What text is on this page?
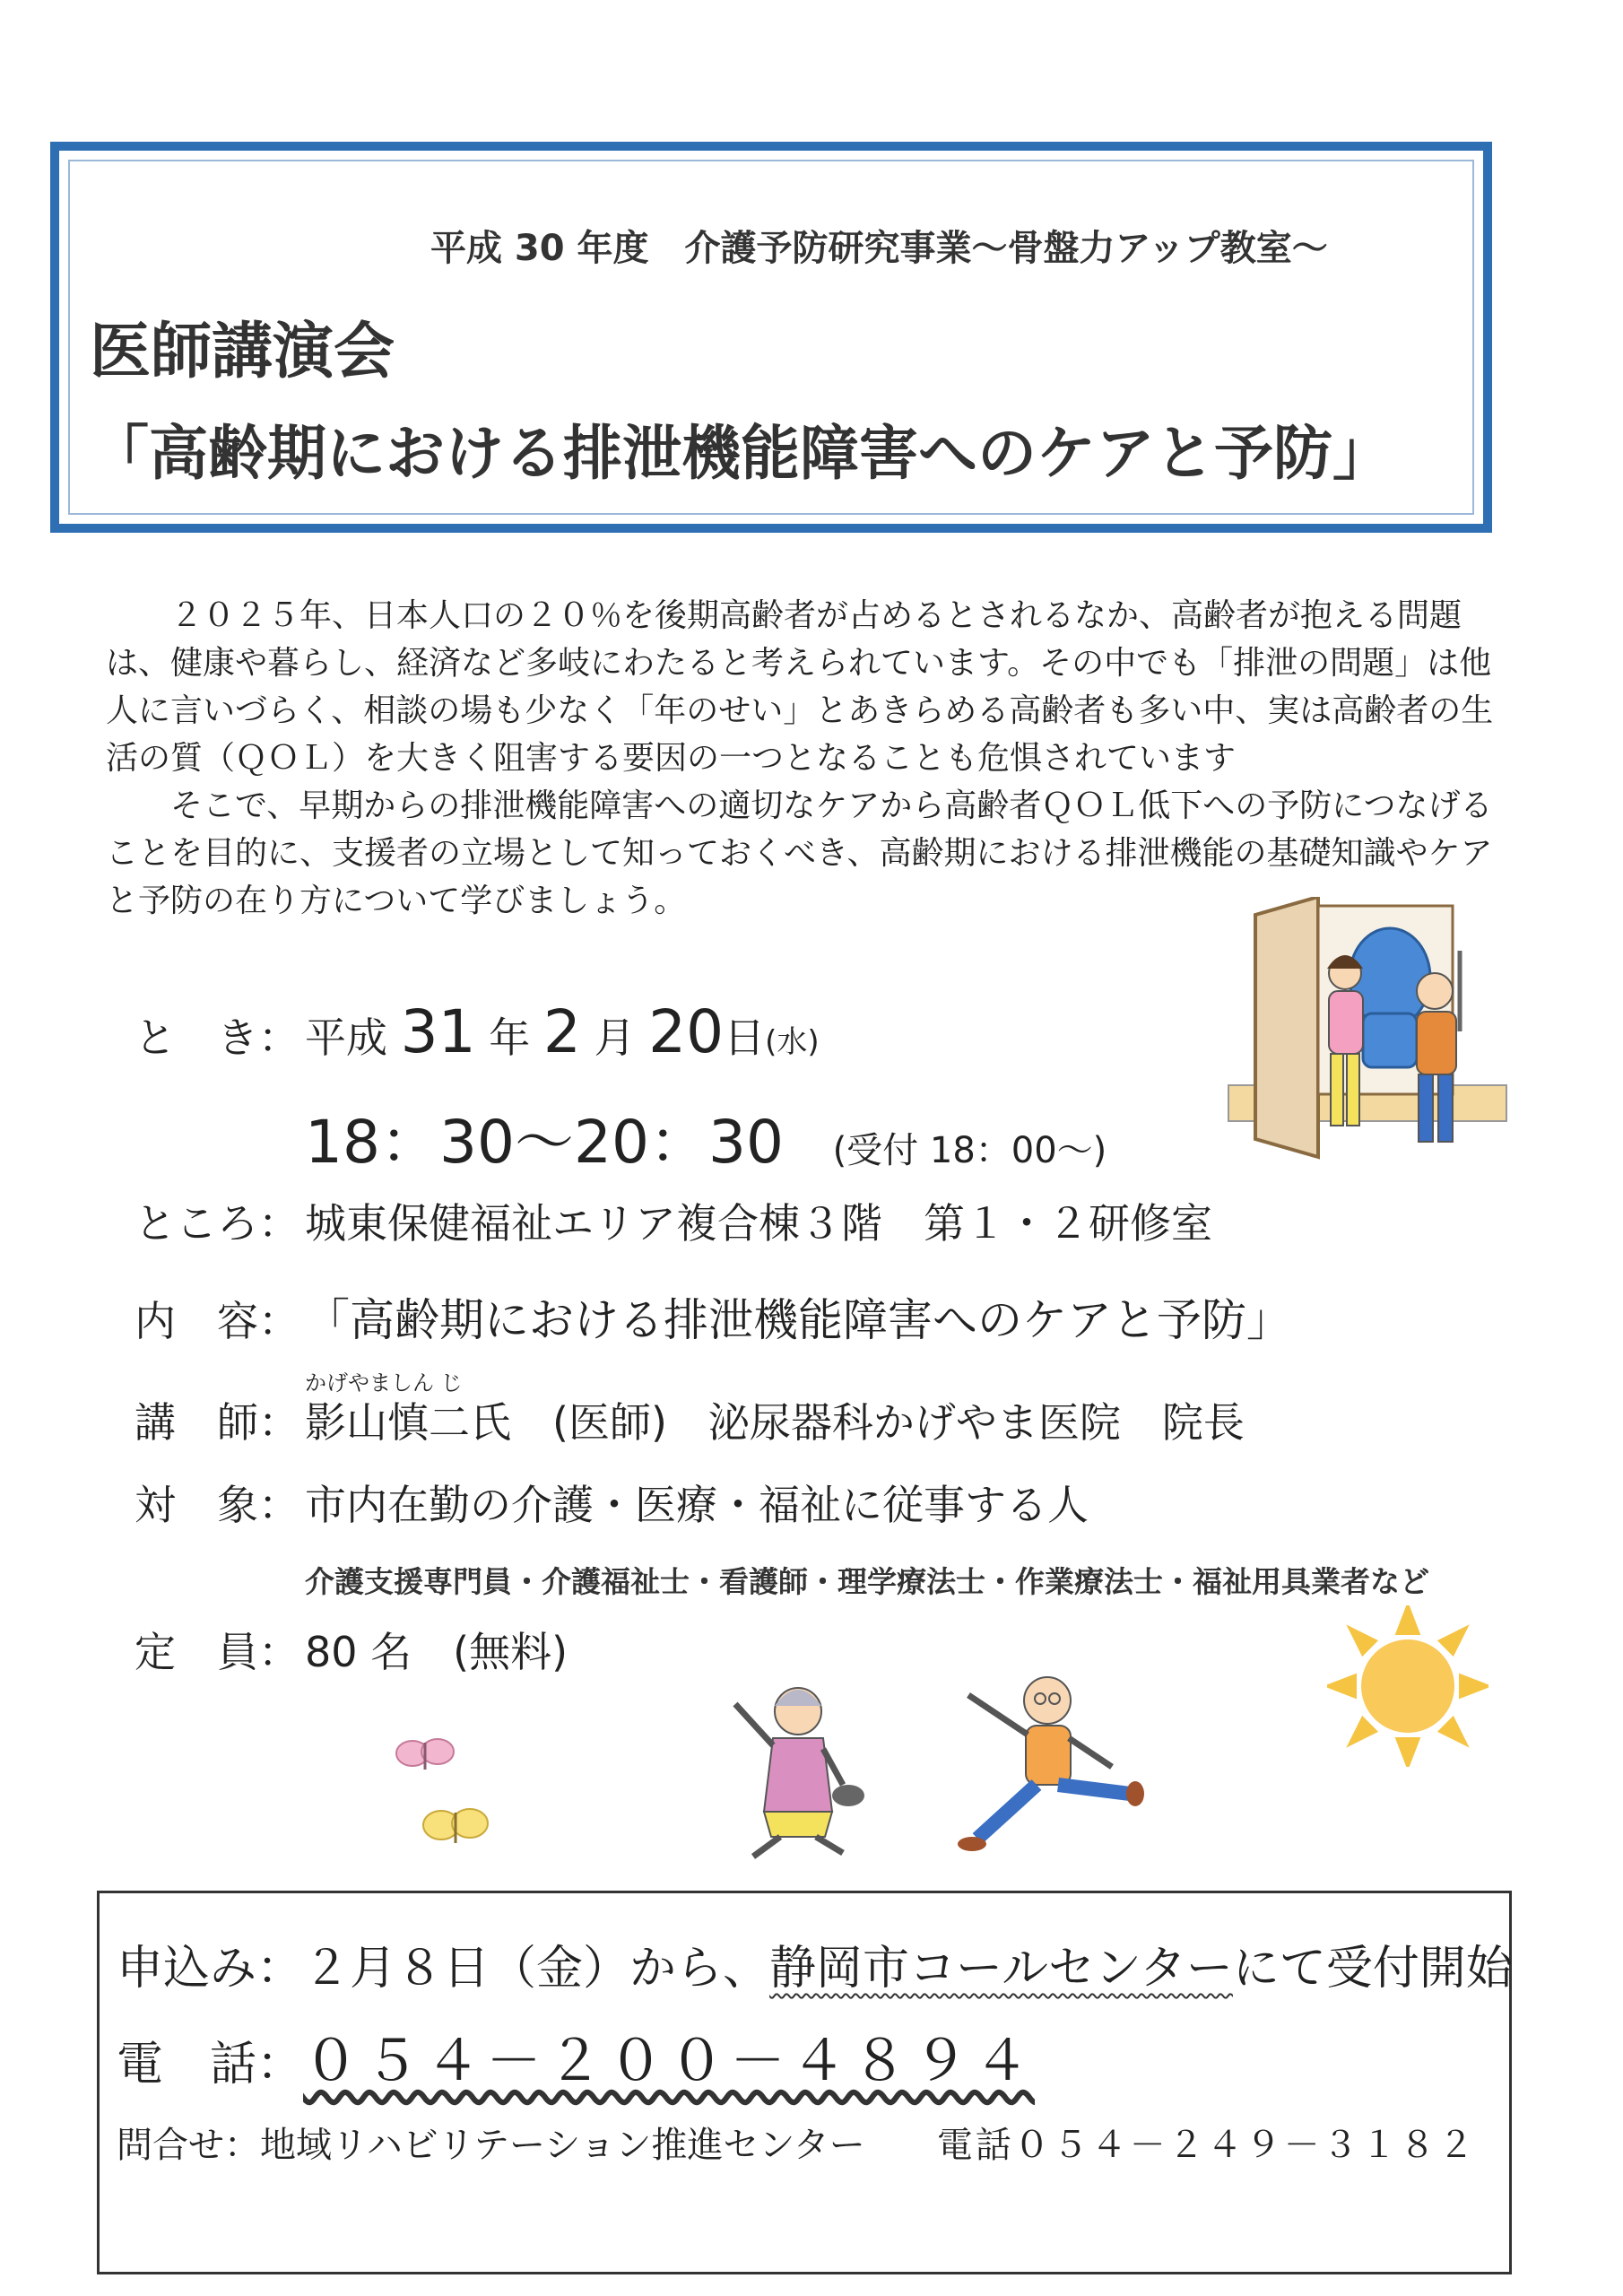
平成 30 年度　介護予防研究事業～骨盤力アップ教室～
医師講演会
「高齢期における排泄機能障害へのケアと予防」

２０２５年、日本人口の２０％を後期高齢者が占めるとされるなか、高齢者が抱える問題は、健康や暮らし、経済など多岐にわたると考えられています。その中でも「排泄の問題」は他人に言いづらく、相談の場も少なく「年のせい」とあきらめる高齢者も多い中、実は高齢者の生活の質（ＱＯＬ）を大きく阻害する要因の一つとなることも危惧されています

そこで、早期からの排泄機能障害への適切なケアから高齢者ＱＯＬ低下への予防につなげることを目的に、支援者の立場として知っておくべき、高齢期における排泄機能の基礎知識やケアと予防の在り方について学びましょう。

と　き： 平成 31 年 2 月 20日(水)
18：30～20：30 (受付 18：00～)
ところ： 城東保健福祉エリア複合棟３階　第１・２研修室
内　容： 「高齢期における排泄機能障害へのケアと予防」
かげやましん じ
講　師： 影山慎二氏　(医師)　泌尿器科かげやま医院　院長
対　象： 市内在勤の介護・医療・福祉に従事する人
介護支援専門員・介護福祉士・看護師・理学療法士・作業療法士・福祉用具業者など
定　員： 80 名　(無料)
申込み：２月８日（金）から、静岡市コールセンターにて受付開始
電　話：０５４－２００－４８９４
問合せ：地域リハビリテーション推進センター 電話０５４－２４９－３１８２
